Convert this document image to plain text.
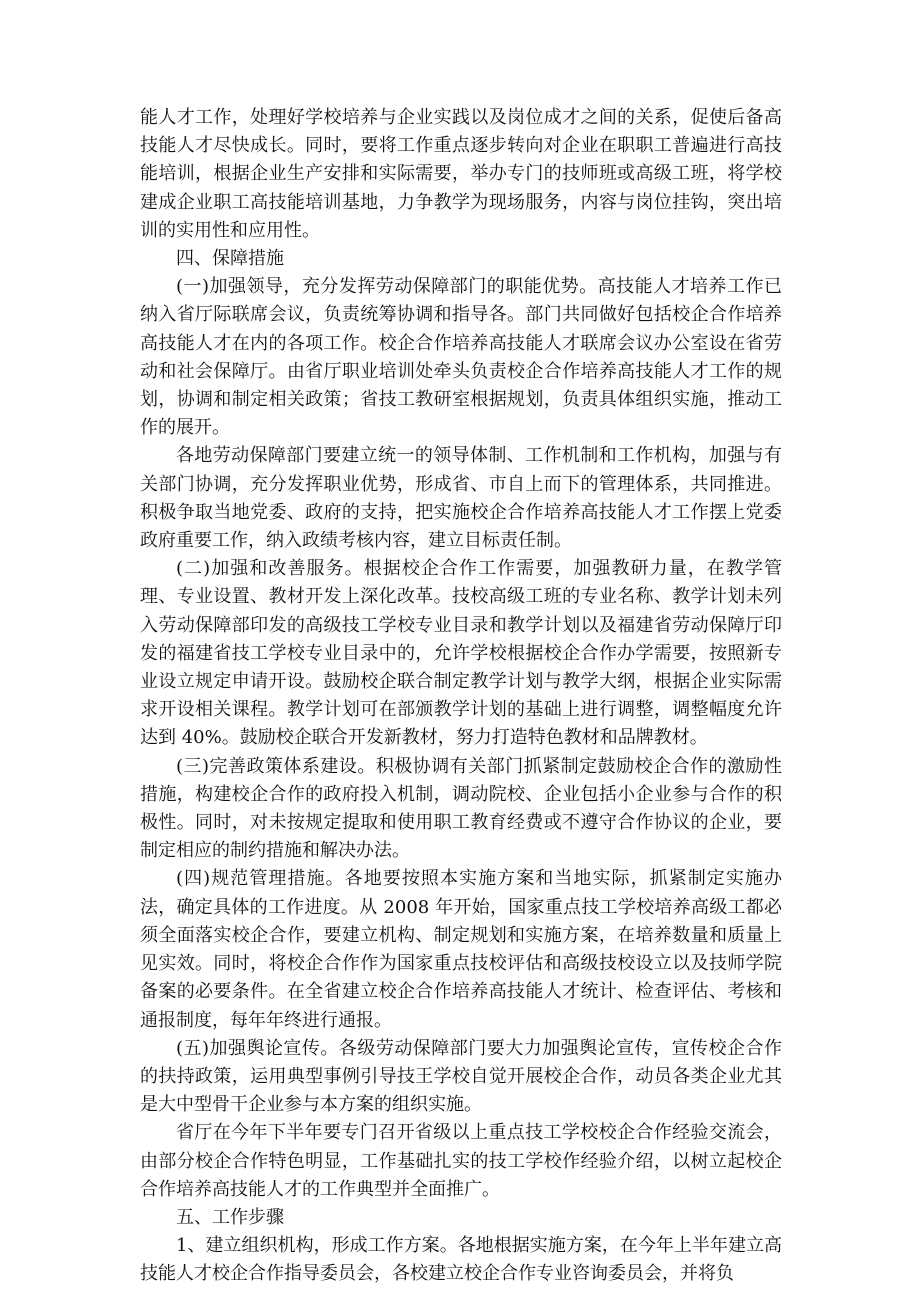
能人才工作，处理好学校培养与企业实践以及岗位成才之间的关系，促使后备高技能人才尽快成长。同时，要将工作重点逐步转向对企业在职职工普遍进行高技能培训，根据企业生产安排和实际需要，举办专门的技师班或高级工班，将学校建成企业职工高技能培训基地，力争教学为现场服务，内容与岗位挂钩，突出培训的实用性和应用性。

四、保障措施

(一)加强领导，充分发挥劳动保障部门的职能优势。高技能人才培养工作已纳入省厅际联席会议，负责统筹协调和指导各。部门共同做好包括校企合作培养高技能人才在内的各项工作。校企合作培养高技能人才联席会议办公室设在省劳动和社会保障厅。由省厅职业培训处牵头负责校企合作培养高技能人才工作的规划，协调和制定相关政策；省技工教研室根据规划，负责具体组织实施，推动工作的展开。

各地劳动保障部门要建立统一的领导体制、工作机制和工作机构，加强与有关部门协调，充分发挥职业优势，形成省、市自上而下的管理体系，共同推进。积极争取当地党委、政府的支持，把实施校企合作培养高技能人才工作摆上党委政府重要工作，纳入政绩考核内容，建立目标责任制。

(二)加强和改善服务。根据校企合作工作需要，加强教研力量，在教学管理、专业设置、教材开发上深化改革。技校高级工班的专业名称、教学计划未列入劳动保障部印发的高级技工学校专业目录和教学计划以及福建省劳动保障厅印发的福建省技工学校专业目录中的，允许学校根据校企合作办学需要，按照新专业设立规定申请开设。鼓励校企联合制定教学计划与教学大纲，根据企业实际需求开设相关课程。教学计划可在部颁教学计划的基础上进行调整，调整幅度允许达到 40%。鼓励校企联合开发新教材，努力打造特色教材和品牌教材。

(三)完善政策体系建设。积极协调有关部门抓紧制定鼓励校企合作的激励性措施，构建校企合作的政府投入机制，调动院校、企业包括小企业参与合作的积极性。同时，对未按规定提取和使用职工教育经费或不遵守合作协议的企业，要制定相应的制约措施和解决办法。

(四)规范管理措施。各地要按照本实施方案和当地实际，抓紧制定实施办法，确定具体的工作进度。从 2008 年开始，国家重点技工学校培养高级工都必须全面落实校企合作，要建立机构、制定规划和实施方案，在培养数量和质量上见实效。同时，将校企合作作为国家重点技校评估和高级技校设立以及技师学院备案的必要条件。在全省建立校企合作培养高技能人才统计、检查评估、考核和通报制度，每年年终进行通报。

(五)加强舆论宣传。各级劳动保障部门要大力加强舆论宣传，宣传校企合作的扶持政策，运用典型事例引导技王学校自觉开展校企合作，动员各类企业尤其是大中型骨干企业参与本方案的组织实施。

省厅在今年下半年要专门召开省级以上重点技工学校校企合作经验交流会，由部分校企合作特色明显，工作基础扎实的技工学校作经验介绍，以树立起校企合作培养高技能人才的工作典型并全面推广。

五、工作步骤

1、建立组织机构，形成工作方案。各地根据实施方案，在今年上半年建立高技能人才校企合作指导委员会，各校建立校企合作专业咨询委员会，并将负
